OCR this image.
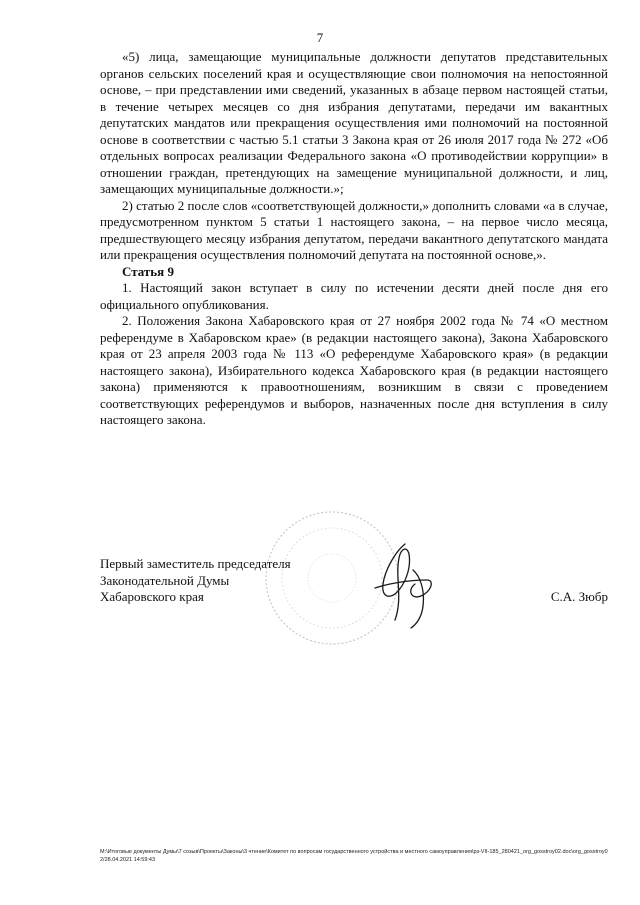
7

«5) лица, замещающие муниципальные должности депутатов представительных органов сельских поселений края и осуществляющие свои полномочия на непостоянной основе, – при представлении ими сведений, указанных в абзаце первом настоящей статьи, в течение четырех месяцев со дня избрания депутатами, передачи им вакантных депутатских мандатов или прекращения осуществления ими полномочий на постоянной основе в соответствии с частью 5.1 статьи 3 Закона края от 26 июля 2017 года № 272 «Об отдельных вопросах реализации Федерального закона «О противодействии коррупции» в отношении граждан, претендующих на замещение муниципальной должности, и лиц, замещающих муниципальные должности.»;

2) статью 2 после слов «соответствующей должности,» дополнить словами «а в случае, предусмотренном пунктом 5 статьи 1 настоящего закона, – на первое число месяца, предшествующего месяцу избрания депутатом, передачи вакантного депутатского мандата или прекращения осуществления полномочий депутата на постоянной основе,».

Статья 9

1. Настоящий закон вступает в силу по истечении десяти дней после дня его официального опубликования.

2. Положения Закона Хабаровского края от 27 ноября 2002 года № 74 «О местном референдуме в Хабаровском крае» (в редакции настоящего закона), Закона Хабаровского края от 23 апреля 2003 года № 113 «О референдуме Хабаровского края» (в редакции настоящего закона), Избирательного кодекса Хабаровского края (в редакции настоящего закона) применяются к правоотношениям, возникшим в связи с проведением соответствующих референдумов и выборов, назначенных после дня вступления в силу настоящего закона.

Первый заместитель председателя
Законодательной Думы
Хабаровского края	С.А. Зюбр
М:\Итоговые документы Думы\7 созыв\Проекты\Законы\3 чтение\Комитет по вопросам государственного устройства и местного самоуправления\рз-VII-185_280421_org_gosstroy02.doc\org_gosstroy02/28.04.2021 14:59:43
